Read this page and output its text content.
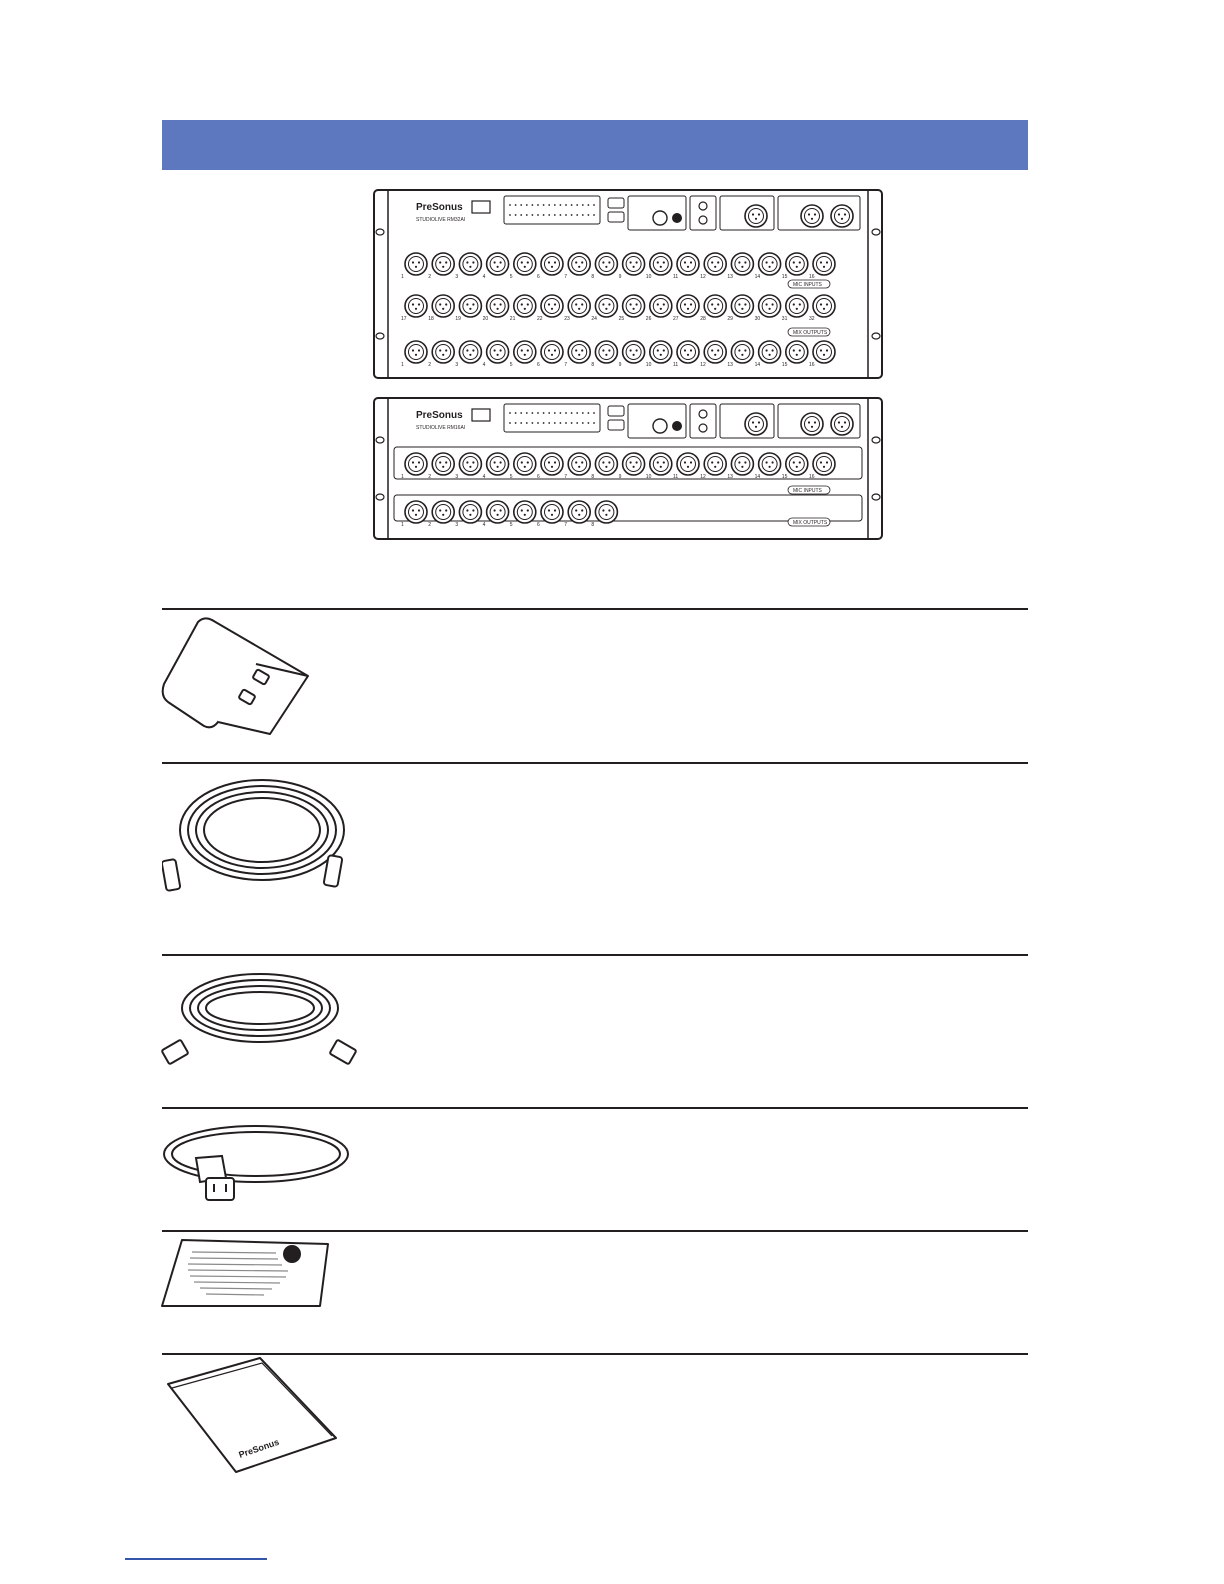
PreSonus
STUDIOLIVE RM32AI
1	2	3	4	5	6	7	8	9	10	11	12	13	14	15	16
MIC INPUTS
17	18	19	20	21	22	23	24	25	26	27	28	29	30	31	32
MIX OUTPUTS
1	2	3	4	5	6	7	8	9	10	11	12	13	14	15	16
PreSonus
STUDIOLIVE RM16AI
1	2	3	4	5	6	7	8	9	10	11	12	13	14	15	16
MIC INPUTS
1	2	3	4	5	6	7	8	MIX OUTPUTS
PreSonus
